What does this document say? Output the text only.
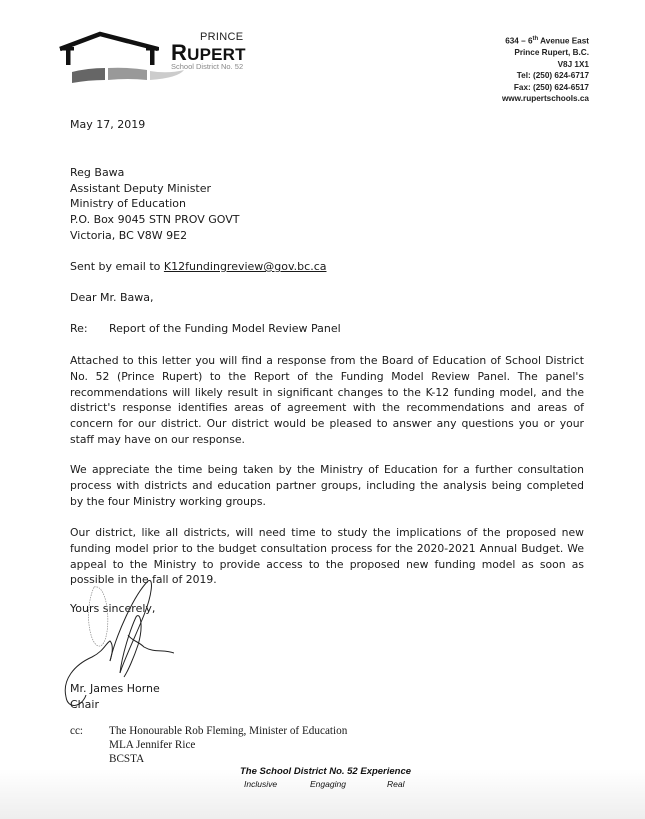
PRINCE
RUPERT
School District No. 52
634 – 6th Avenue East
Prince Rupert, B.C.
V8J 1X1
Tel: (250) 624-6717
Fax: (250) 624-6517
www.rupertschools.ca
May 17, 2019
Reg Bawa
Assistant Deputy Minister
Ministry of Education
P.O. Box 9045 STN PROV GOVT
Victoria, BC V8W 9E2
Sent by email to K12fundingreview@gov.bc.ca
Dear Mr. Bawa,
Re: Report of the Funding Model Review Panel
Attached to this letter you will find a response from the Board of Education of School District No. 52 (Prince Rupert) to the Report of the Funding Model Review Panel. The panel's recommendations will likely result in significant changes to the K-12 funding model, and the district's response identifies areas of agreement with the recommendations and areas of concern for our district. Our district would be pleased to answer any questions you or your staff may have on our response.
We appreciate the time being taken by the Ministry of Education for a further consultation process with districts and education partner groups, including the analysis being completed by the four Ministry working groups.
Our district, like all districts, will need time to study the implications of the proposed new funding model prior to the budget consultation process for the 2020-2021 Annual Budget. We appeal to the Ministry to provide access to the proposed new funding model as soon as possible in the fall of 2019.
Yours sincerely,
Mr. James Horne
Chair
cc: The Honourable Rob Fleming, Minister of Education
MLA Jennifer Rice
BCSTA
The School District No. 52 Experience
Inclusive	Engaging	Real
